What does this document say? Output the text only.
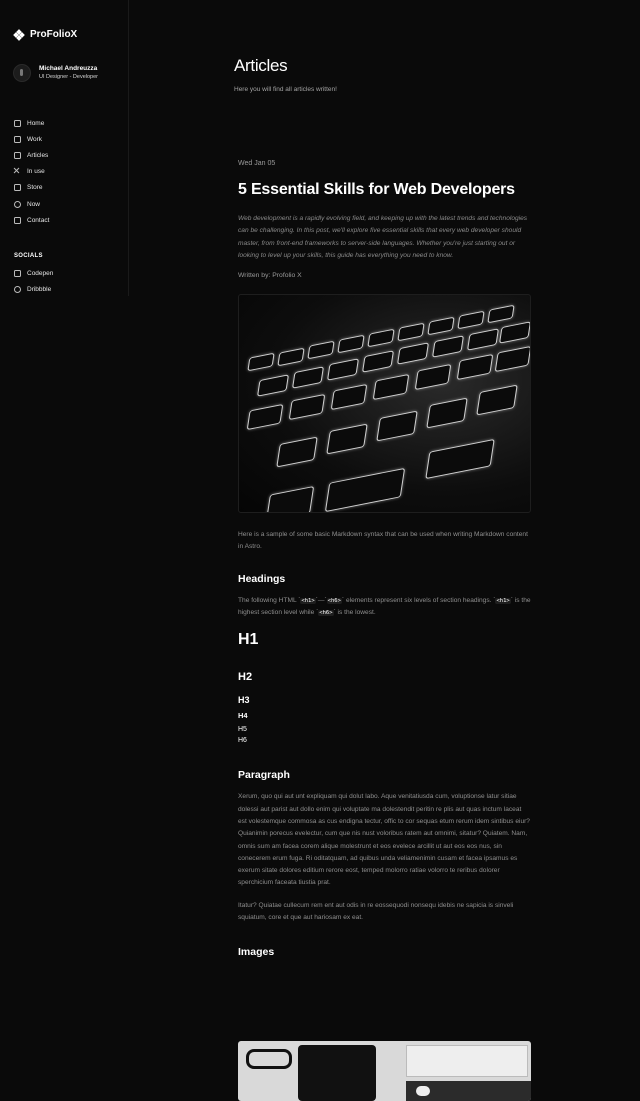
ProFolioX
Michael Andreuzza
UI Designer - Developer
Home
Work
Articles
In use
Store
Now
Contact
SOCIALS
Codepen
Dribbble
Articles
Here you will find all articles written!
Wed Jan 05
5 Essential Skills for Web Developers
Web development is a rapidly evolving field, and keeping up with the latest trends and technologies can be challenging. In this post, we'll explore five essential skills that every web developer should master, from front-end frameworks to server-side languages. Whether you're just starting out or looking to level up your skills, this guide has everything you need to know.
Written by: Profolio X
Here is a sample of some basic Markdown syntax that can be used when writing Markdown content in Astro.
Headings
The following HTML `<h1>`—`<h6>` elements represent six levels of section headings. `<h1>` is the highest section level while `<h6>` is the lowest.
H1
H2
H3
H4
H5
H6
Paragraph
Xerum, quo qui aut unt expliquam qui dolut labo. Aque venitatiusda cum, voluptionse latur sitiae dolessi aut parist aut dollo enim qui voluptate ma dolestendit peritin re plis aut quas inctum laceat est volestemque commosa as cus endigna tectur, offic to cor sequas etum rerum idem sintibus eiur? Quianimin porecus evelectur, cum que nis nust voloribus ratem aut omnimi, sitatur? Quiatem. Nam, omnis sum am facea corem alique molestrunt et eos evelece arcillit ut aut eos eos nus, sin conecerem erum fuga. Ri oditatquam, ad quibus unda veliamenimin cusam et facea ipsamus es exerum sitate dolores editium rerore eost, temped molorro ratiae volorro te reribus dolorer sperchicium faceata tiustia prat.
Itatur? Quiatae cullecum rem ent aut odis in re eossequodi nonsequ idebis ne sapicia is sinveli squiatum, core et que aut hariosam ex eat.
Images
